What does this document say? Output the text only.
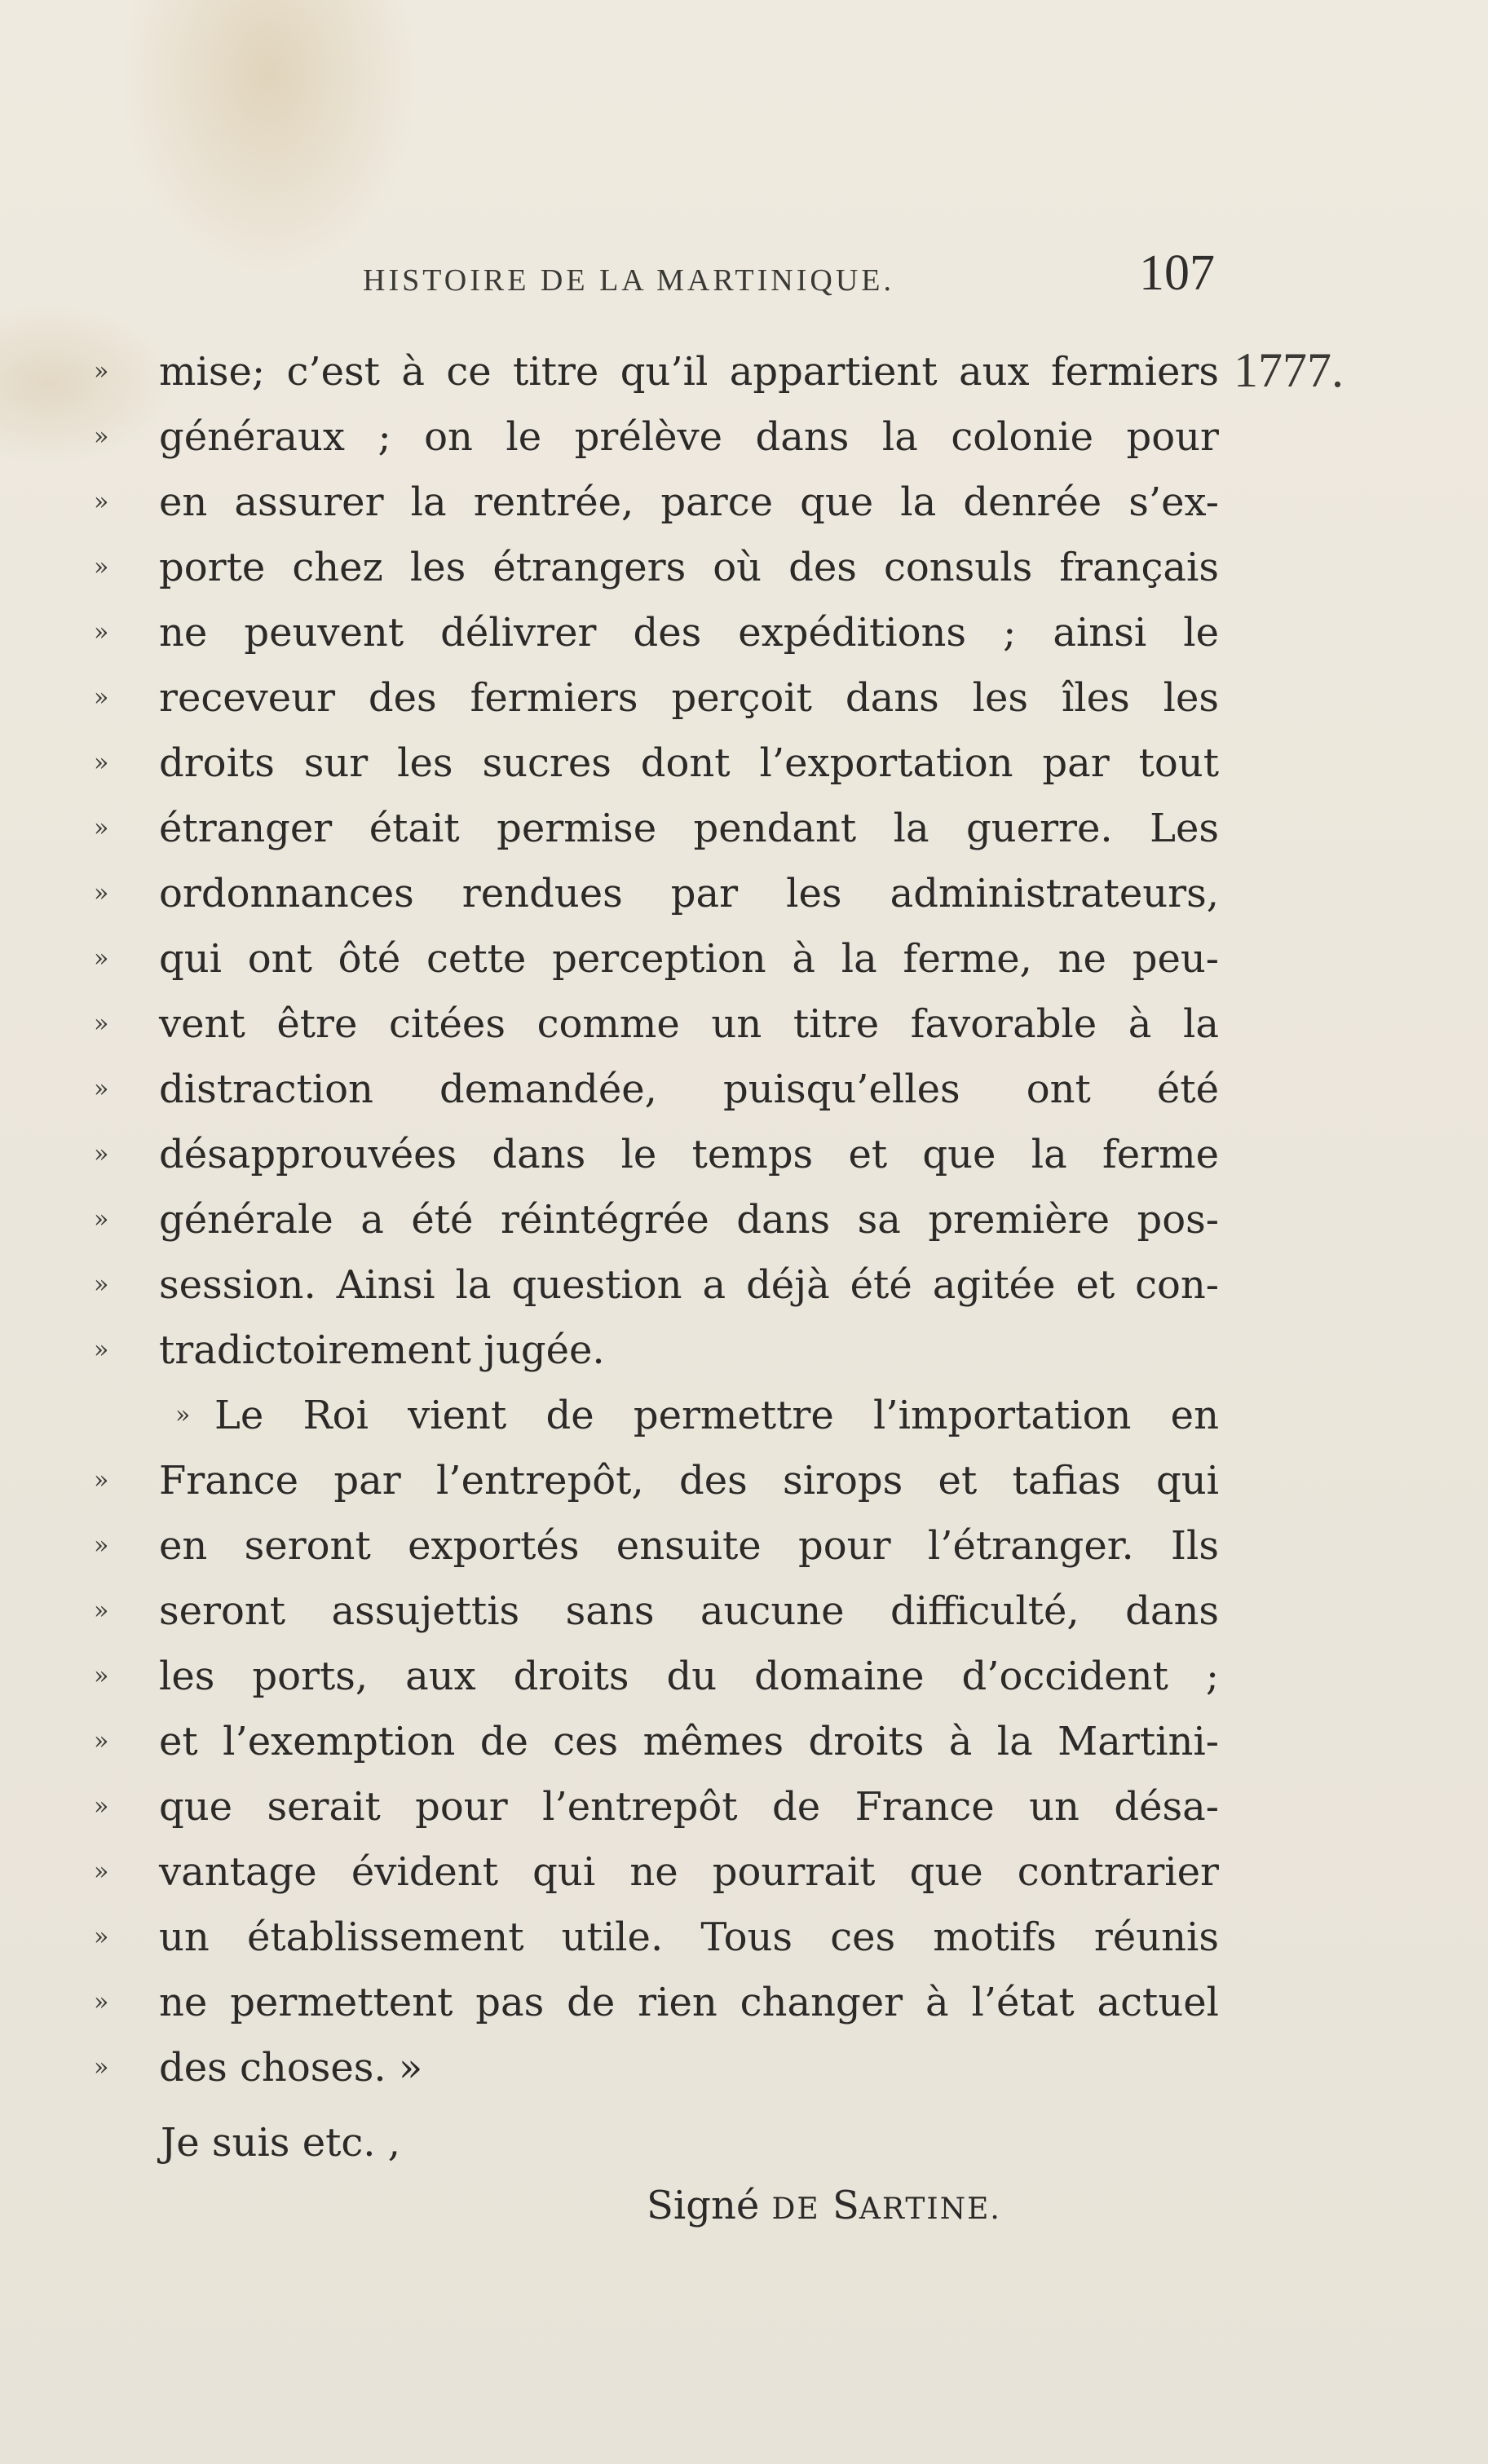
HISTOIRE DE LA MARTINIQUE.	107
1777.
»	mise; c’est à ce titre qu’il appartient aux fermiers
»	généraux ; on le prélève dans la colonie pour
»	en assurer la rentrée, parce que la denrée s’ex-
»	porte chez les étrangers où des consuls français
»	ne peuvent délivrer des expéditions ; ainsi le
»	receveur des fermiers perçoit dans les îles les
»	droits sur les sucres dont l’exportation par tout
»	étranger était permise pendant la guerre. Les
»	ordonnances rendues par les administrateurs,
»	qui ont ôté cette perception à la ferme, ne peu-
»	vent être citées comme un titre favorable à la
»	distraction demandée, puisqu’elles ont été
»	désapprouvées dans le temps et que la ferme
»	générale a été réintégrée dans sa première pos-
»	session. Ainsi la question a déjà été agitée et con-
»	tradictoirement jugée.
» Le Roi vient de permettre l’importation en
»	France par l’entrepôt, des sirops et tafias qui
»	en seront exportés ensuite pour l’étranger. Ils
»	seront assujettis sans aucune difficulté, dans
»	les ports, aux droits du domaine d’occident ;
»	et l’exemption de ces mêmes droits à la Martini-
»	que serait pour l’entrepôt de France un désa-
»	vantage évident qui ne pourrait que contrarier
»	un établissement utile. Tous ces motifs réunis
»	ne permettent pas de rien changer à l’état actuel
»	des choses. »
Je suis etc. ,
Signé DE SARTINE.
